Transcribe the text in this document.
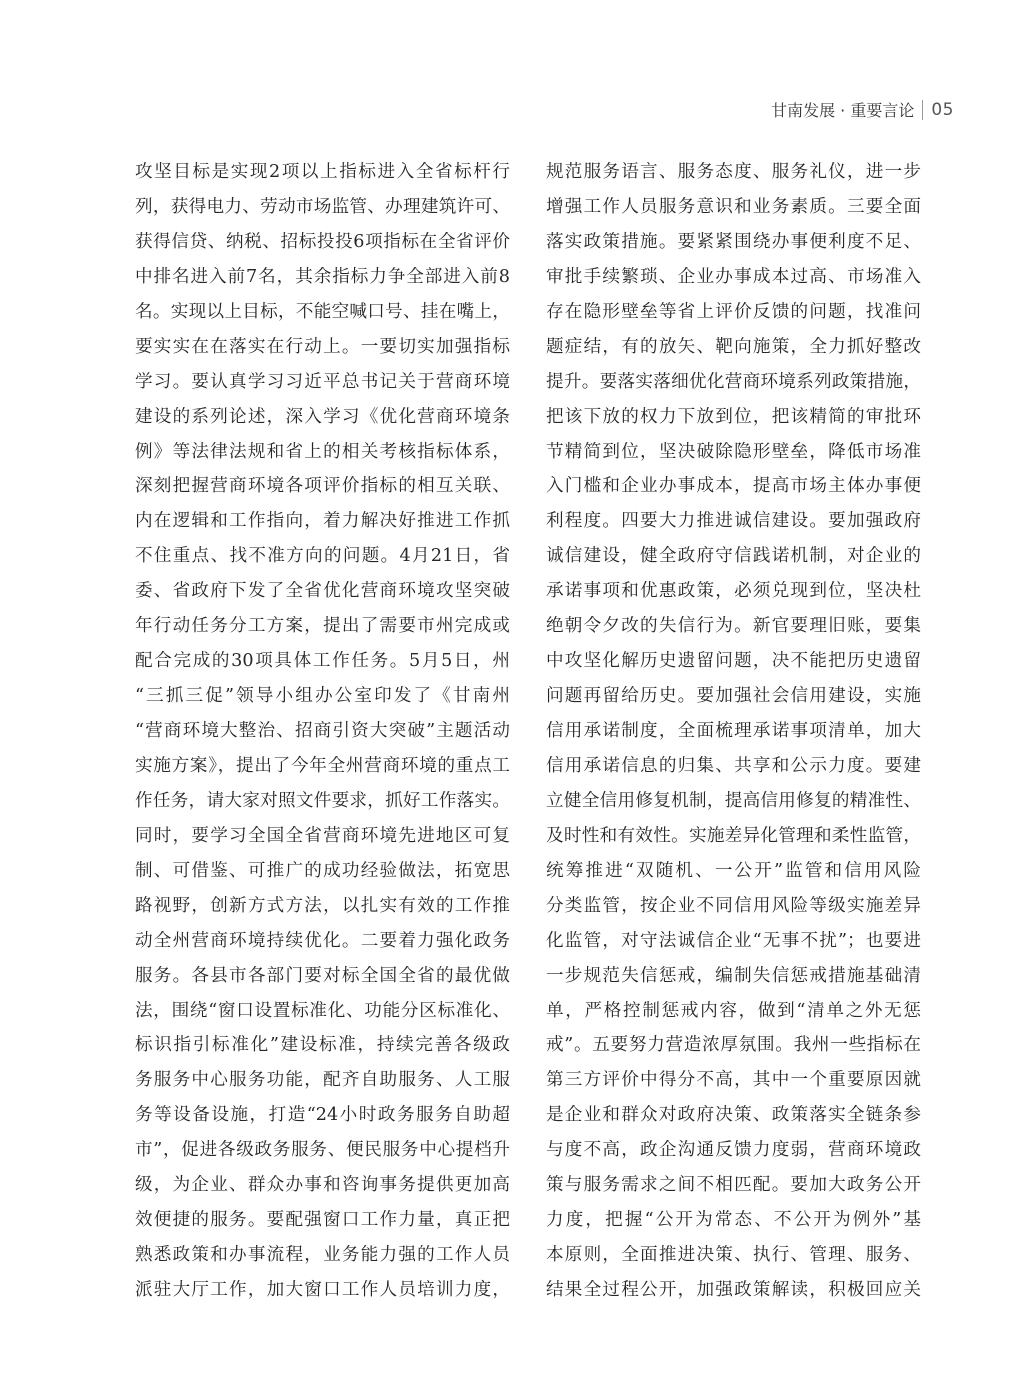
甘南发展 · 重要言论 05
攻坚目标是实现2项以上指标进入全省标杆行
列，获得电力、劳动市场监管、办理建筑许可、
获得信贷、纳税、招标投投6项指标在全省评价
中排名进入前7名，其余指标力争全部进入前8
名。实现以上目标，不能空喊口号、挂在嘴上，
要实实在在落实在行动上。一要切实加强指标
学习。要认真学习习近平总书记关于营商环境
建设的系列论述，深入学习《优化营商环境条
例》等法律法规和省上的相关考核指标体系，
深刻把握营商环境各项评价指标的相互关联、
内在逻辑和工作指向，着力解决好推进工作抓
不住重点、找不准方向的问题。4月21日，省
委、省政府下发了全省优化营商环境攻坚突破
年行动任务分工方案，提出了需要市州完成或
配合完成的30项具体工作任务。5月5日，州
“三抓三促”领导小组办公室印发了《甘南州
“营商环境大整治、招商引资大突破”主题活动
实施方案》，提出了今年全州营商环境的重点工
作任务，请大家对照文件要求，抓好工作落实。
同时，要学习全国全省营商环境先进地区可复
制、可借鉴、可推广的成功经验做法，拓宽思
路视野，创新方式方法，以扎实有效的工作推
动全州营商环境持续优化。二要着力强化政务
服务。各县市各部门要对标全国全省的最优做
法，围绕“窗口设置标准化、功能分区标准化、
标识指引标准化”建设标准，持续完善各级政
务服务中心服务功能，配齐自助服务、人工服
务等设备设施，打造“24小时政务服务自助超
市”，促进各级政务服务、便民服务中心提档升
级，为企业、群众办事和咨询事务提供更加高
效便捷的服务。要配强窗口工作力量，真正把
熟悉政策和办事流程，业务能力强的工作人员
派驻大厅工作，加大窗口工作人员培训力度，
规范服务语言、服务态度、服务礼仪，进一步
增强工作人员服务意识和业务素质。三要全面
落实政策措施。要紧紧围绕办事便利度不足、
审批手续繁琐、企业办事成本过高、市场准入
存在隐形壁垒等省上评价反馈的问题，找准问
题症结，有的放矢、靶向施策，全力抓好整改
提升。要落实落细优化营商环境系列政策措施，
把该下放的权力下放到位，把该精简的审批环
节精简到位，坚决破除隐形壁垒，降低市场准
入门槛和企业办事成本，提高市场主体办事便
利程度。四要大力推进诚信建设。要加强政府
诚信建设，健全政府守信践诺机制，对企业的
承诺事项和优惠政策，必须兑现到位，坚决杜
绝朝令夕改的失信行为。新官要理旧账，要集
中攻坚化解历史遗留问题，决不能把历史遗留
问题再留给历史。要加强社会信用建设，实施
信用承诺制度，全面梳理承诺事项清单，加大
信用承诺信息的归集、共享和公示力度。要建
立健全信用修复机制，提高信用修复的精准性、
及时性和有效性。实施差异化管理和柔性监管，
统筹推进“双随机、一公开”监管和信用风险
分类监管，按企业不同信用风险等级实施差异
化监管，对守法诚信企业“无事不扰”；也要进
一步规范失信惩戒，编制失信惩戒措施基础清
单，严格控制惩戒内容，做到“清单之外无惩
戒”。五要努力营造浓厚氛围。我州一些指标在
第三方评价中得分不高，其中一个重要原因就
是企业和群众对政府决策、政策落实全链条参
与度不高，政企沟通反馈力度弱，营商环境政
策与服务需求之间不相匹配。要加大政务公开
力度，把握“公开为常态、不公开为例外”基
本原则，全面推进决策、执行、管理、服务、
结果全过程公开，加强政策解读，积极回应关
